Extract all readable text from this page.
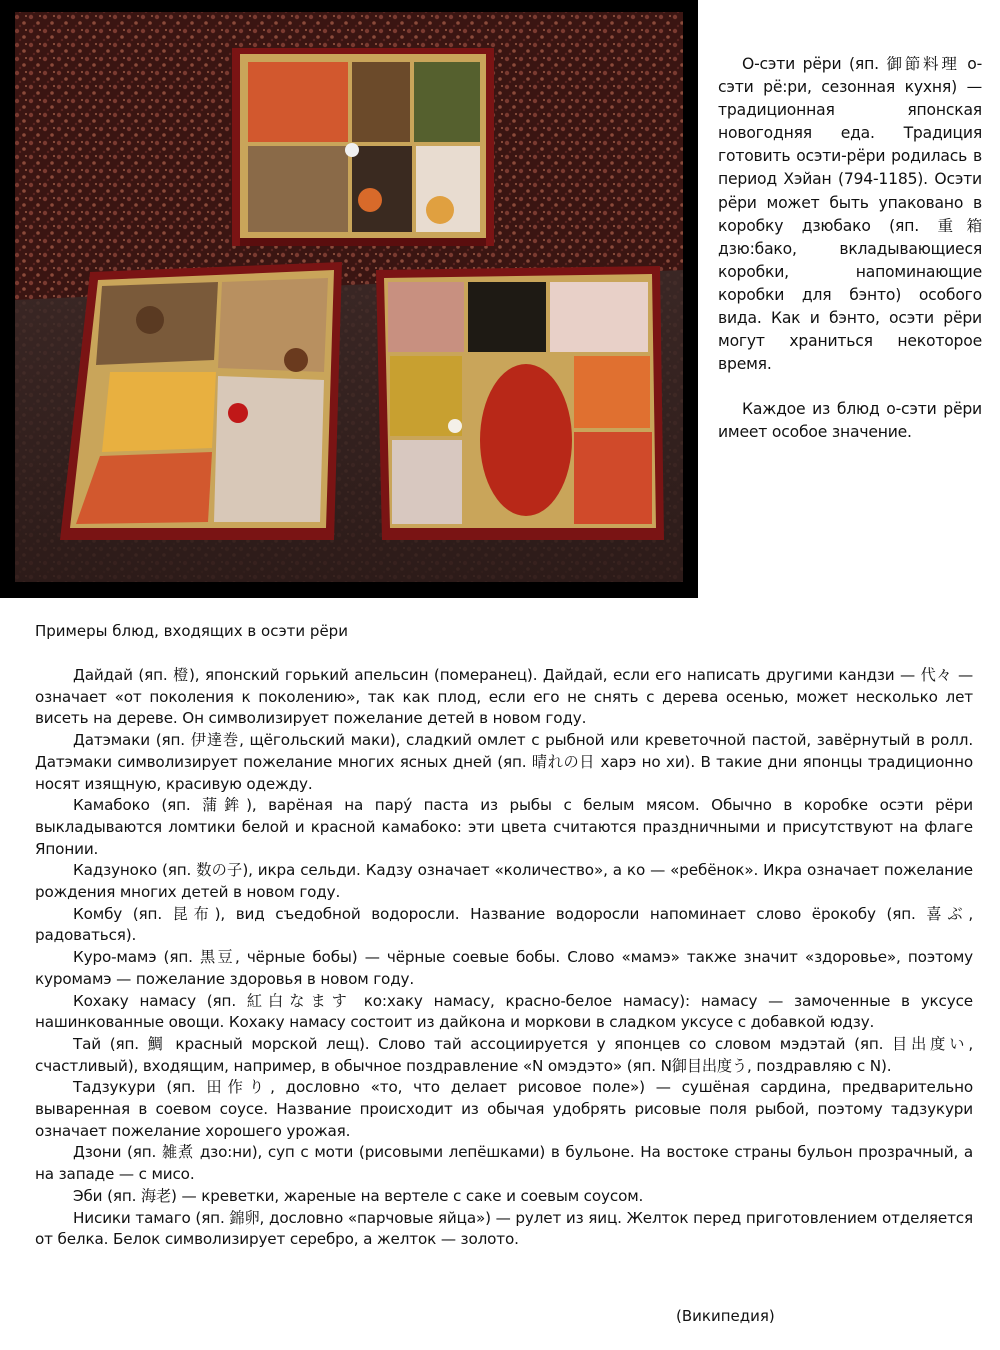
О-сэти рёри (яп. 御節料理 о-сэти рё:ри, сезонная кухня) — традиционная японская новогодняя еда. Традиция готовить осэти-рёри родилась в период Хэйан (794-1185). Осэти рёри может быть упаковано в коробку дзюбако (яп. 重箱 дзю:бако, вкладывающиеся коробки, напоминающие коробки для бэнто) особого вида. Как и бэнто, осэти рёри могут храниться некоторое время.

Каждое из блюд о-сэти рёри имеет особое значение.

Примеры блюд, входящих в осэти рёри

Дайдай (яп. 橙), японский горький апельсин (померанец). Дайдай, если его написать другими кандзи — 代々 — означает «от поколения к поколению», так как плод, если его не снять с дерева осенью, может несколько лет висеть на дереве. Он символизирует пожелание детей в новом году.

Датэмаки (яп. 伊達巻, щёгольский маки), сладкий омлет с рыбной или креветочной пастой, завёрнутый в ролл. Датэмаки символизирует пожелание многих ясных дней (яп. 晴れの日 харэ но хи). В такие дни японцы традиционно носят изящную, красивую одежду.

Камабоко (яп. 蒲鉾), варёная на пару́ паста из рыбы с белым мясом. Обычно в коробке осэти рёри выкладываются ломтики белой и красной камабоко: эти цвета считаются праздничными и присутствуют на флаге Японии.

Кадзуноко (яп. 数の子), икра сельди. Кадзу означает «количество», а ко — «ребёнок». Икра означает пожелание рождения многих детей в новом году.

Комбу (яп. 昆布), вид съедобной водоросли. Название водоросли напоминает слово ёрокобу (яп. 喜ぶ, радоваться).

Куро-мамэ (яп. 黒豆, чёрные бобы) — чёрные соевые бобы. Слово «мамэ» также значит «здоровье», поэтому куромамэ — пожелание здоровья в новом году.

Кохаку намасу (яп. 紅白なます ко:хаку намасу, красно-белое намасу): намасу — замоченные в уксусе нашинкованные овощи. Кохаку намасу состоит из дайкона и моркови в сладком уксусе с добавкой юдзу.

Тай (яп. 鯛 красный морской лещ). Слово тай ассоциируется у японцев со словом мэдэтай (яп. 目出度い, счастливый), входящим, например, в обычное поздравление «N омэдэто» (яп. N御目出度う, поздравляю с N).

Тадзукури (яп. 田作り, дословно «то, что делает рисовое поле») — сушёная сардина, предварительно вываренная в соевом соусе. Название происходит из обычая удобрять рисовые поля рыбой, поэтому тадзукури означает пожелание хорошего урожая.

Дзони (яп. 雑煮 дзо:ни), суп с моти (рисовыми лепёшками) в бульоне. На востоке страны бульон прозрачный, а на западе — с мисо.

Эби (яп. 海老) — креветки, жареные на вертеле с саке и соевым соусом.

Нисики тамаго (яп. 錦卵, дословно «парчовые яйца») — рулет из яиц. Желток перед приготовлением отделяется от белка. Белок символизирует серебро, а желток — золото.

(Википедия)
